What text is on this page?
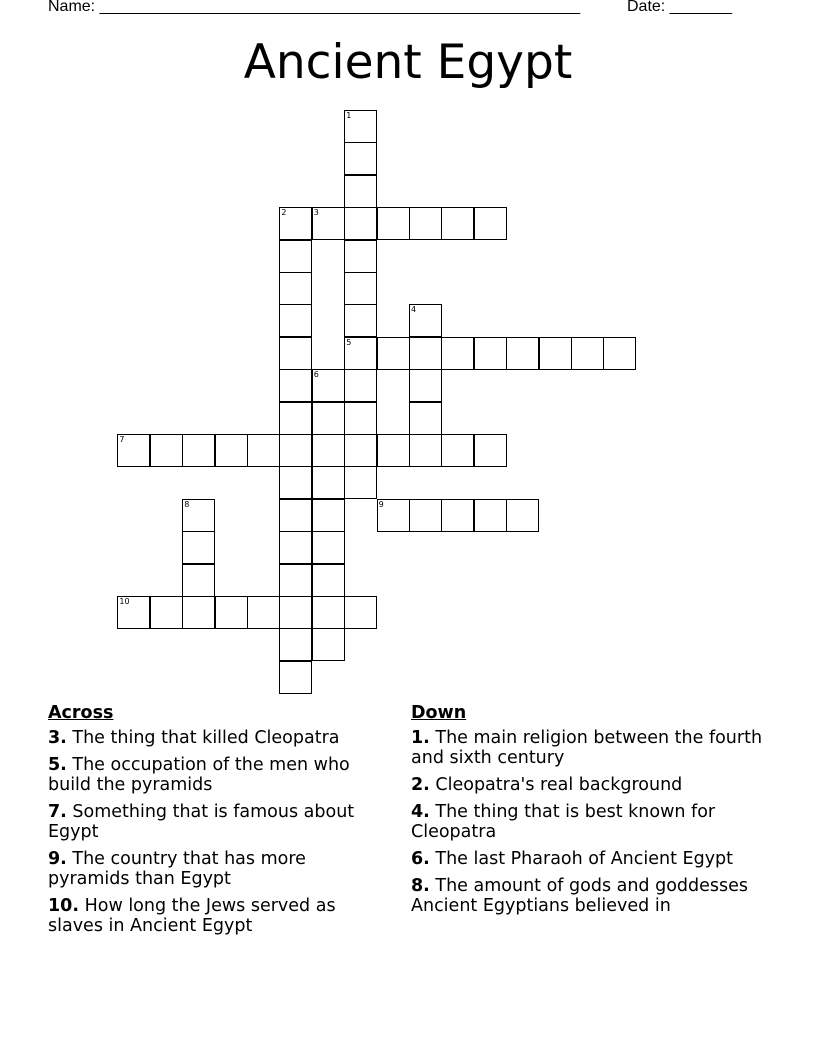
Name: ______________________________________________________	Date: _______
Ancient Egypt
1
5
2	3
4
6
7
8	9
10
Across
3. The thing that killed Cleopatra
5. The occupation of the men who build the pyramids
7. Something that is famous about Egypt
9. The country that has more pyramids than Egypt
10. How long the Jews served as slaves in Ancient Egypt
Down
1. The main religion between the fourth and sixth century
2. Cleopatra's real background
4. The thing that is best known for Cleopatra
6. The last Pharaoh of Ancient Egypt
8. The amount of gods and goddesses Ancient Egyptians believed in
